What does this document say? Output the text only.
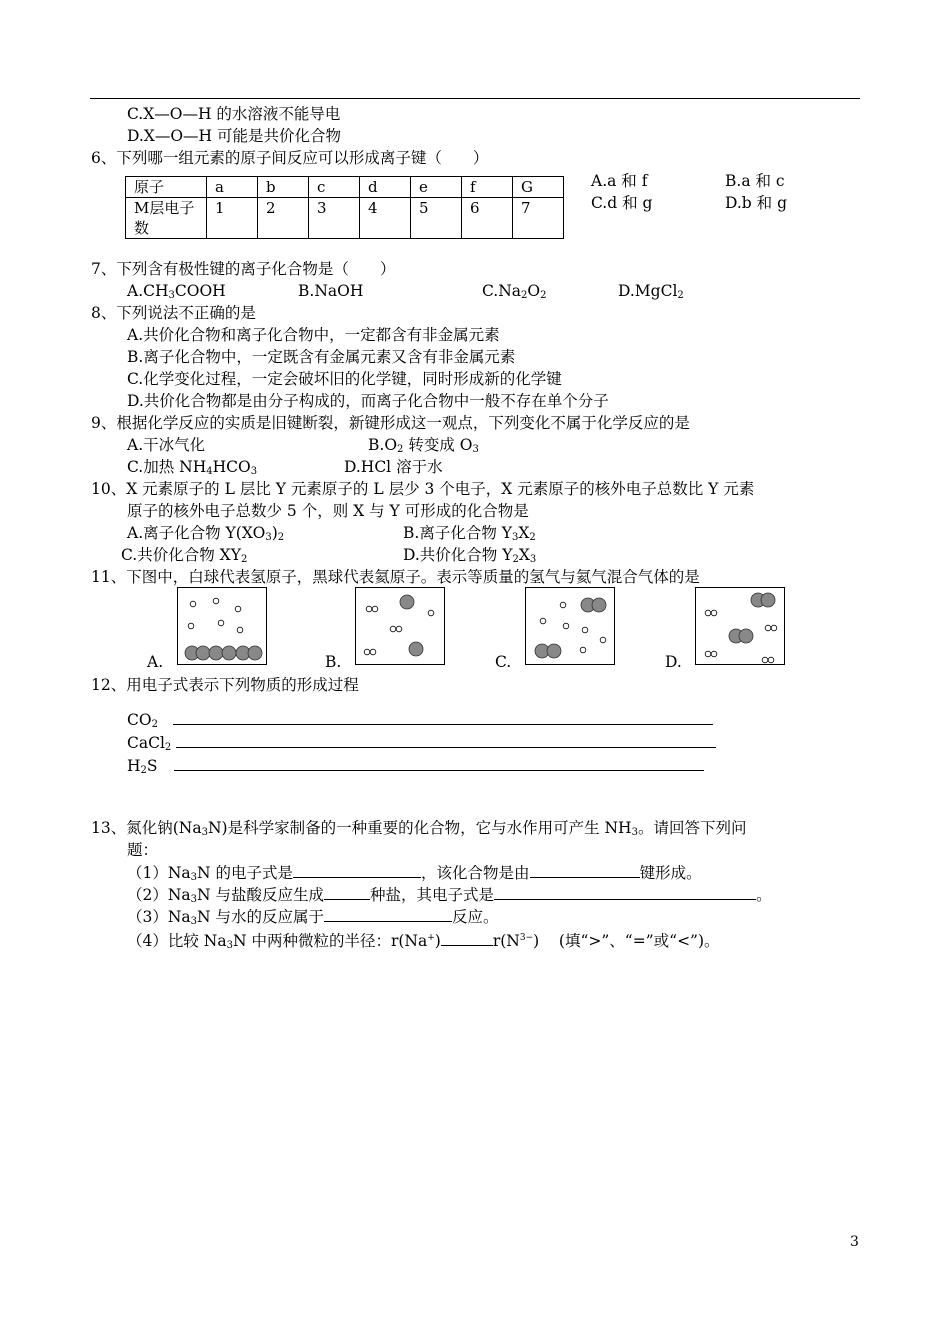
C.X—O—H 的水溶液不能导电
D.X—O—H 可能是共价化合物
6、下列哪一组元素的原子间反应可以形成离子键（　　）
原子	a	b	c	d	e	f	G
M层电子数	1	2	3	4	5	6	7
A.a 和 f	B.a 和 c
C.d 和 g	D.b 和 g
7、下列含有极性键的离子化合物是（　　）
$A.CH_3COOH$	B.NaOH	$C.Na_2O_2$	D.MgCl$_2$
8、下列说法不正确的是
A.共价化合物和离子化合物中，一定都含有非金属元素
B.离子化合物中，一定既含有金属元素又含有非金属元素
C.化学变化过程，一定会破坏旧的化学键，同时形成新的化学键
D.共价化合物都是由分子构成的，而离子化合物中一般不存在单个分子
9、根据化学反应的实质是旧键断裂，新键形成这一观点，下列变化不属于化学反应的是
A.干冰气化	$B.O_2$ 转变成 $O_3$
C.加热 $NH_4HCO_3$	D.HCl 溶于水
10、X 元素原子的 L 层比 Y 元素原子的 L 层少 3 个电子，X 元素原子的核外电子总数比 Y 元素
原子的核外电子总数少 5 个，则 X 与 Y 可形成的化合物是
A.离子化合物 $Y(XO_3)_2$	B.离子化合物 $Y_3X_2$
C.共价化合物 $XY_2$	D.共价化合物 $Y_2X_3$
11、下图中，白球代表氢原子，黑球代表氦原子。表示等质量的氢气与氦气混合气体的是
A.	B.	C.	D.
12、用电子式表示下列物质的形成过程
$CO_2$
CaCl$_2$
$H_2S$
13、氮化钠$(Na_3N)$是科学家制备的一种重要的化合物，它与水作用可产生 $NH_3$。请回答下列问
题：
$(1)Na_3N$ 的电子式是	，该化合物是由	键形成。
$(2)Na_3N$ 与盐酸反应生成	种盐，其电子式是	。
$(3)Na_3N$ 与水的反应属于	反应。
（4）比较 $Na_3N$ 中两种微粒的半径：r(Na+)	$r(N^{3-})$    (填“>”、“=”或“<”)。
3
